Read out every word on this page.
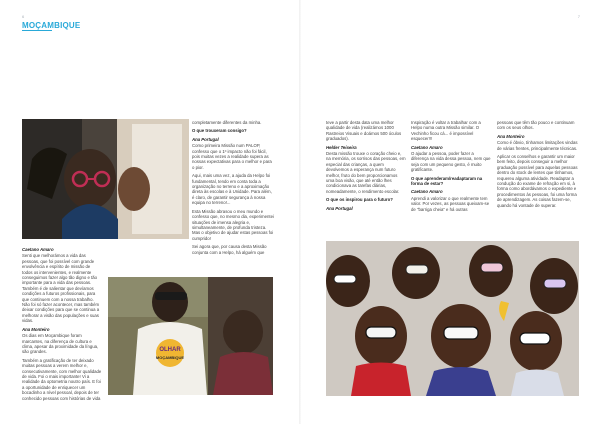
6	7
MOÇAMBIQUE
OLHAR
MOÇAMBIQUE

Caetano Amaro

Senti que melhorámos a vida das pessoas, que foi possível com grande envolvência e espírito de missão de todos os intervenientes, e realmente conseguimos fazer algo tão digno e tão importante para a vida das pessoas. Também é de salientar que devíamos condições a futuros profissionais, para que continuem com a nossa trabalho. Não foi só fazer acontecer, mas também deixar condições para que se continua a melhorar a visão das populações e suas vidas.

Ana Monteiro

Os dias em Moçambique foram marcantes, na diferença de cultura e clima, apesar da proximidade da língua, são grandes.

Também a gratificação de ter deixado muitas pessoas a verem melhor e, consecutivamente, com melhor qualidade de vida. Foi o mais importante! Vi a realidade da optometria noutro país. E foi a oportunidade de enriquecer um bocadinho a nível pessoal, depois de ter conhecido pessoas com histórias de vida

completamente diferentes da minha.

O que trouxeram consigo?

Ana Portugal

Como primeira Missão num PALOP, confesso que o 1º impacto não foi fácil, pois muitas vezes a realidade supera as nossas expectativas para o melhor e para o pior.

Aqui, mais uma vez, a ajuda da Helpo foi fundamental, tendo em conta toda a organização no terreno e a aproximação direta às escolas e à Unidade. Para além, é claro, de garantir segurança à nossa equipa no terreno!...

Esta Missão abrasou o meu mundo e confesso que, no mesmo dia, experimentei situações de imensa alegria e, simultaneamente, de profunda tristeza. Mas o objetivo de ajudar estas pessoas foi cumprido!

Sei agora que, por causa desta Missão conjunta com a Helpo, há alguém que

teve a partir desta data uma melhor qualidade de vida (realizámos 1000 Rastreios Visuais e doámos 500 óculos graduados).

Helder Teixeira

Desta missão trouxe o coração cheio e, na memória, os sorrisos das pessoas, em especial das crianças, a quem devolvemos a esperança num futuro melhor, fruto do bem proporcionamos uma boa visão, que até então lhes condicionava as tarefas diárias, nomeadamente, o rendimento escolar.

O que os inspirou para o futuro?

Ana Portugal

Inspiração é voltar a trabalhar com a Helpo numa outra Missão similar. O Vechinho ficou cá... é impossível esquecer!!!

Caetano Amaro

O ajudar a pessoa, poder fazer a diferença na vida dessa pessoa, nem que seja com um pequeno gesto, é muito gratificante.

O que aprenderam/readaptaram na forma de estar?

Caetano Amaro

Aprendi a valorizar o que realmente tem valor. Por vezes, as pessoas queixam-se de "barriga cheia" e há outras

pessoas que têm tão pouco e continuam com os seus olhos.

Ana Monteiro

Como é óbvio, tínhamos limitações vindas de várias frentes, principalmente técnicas.

Aplicar os conselhos e garantir um maior bem feito, depois conseguir a melhor graduação possível para aquelas pessoas dentro do stock de lentes que tínhamos, requereu alguma atividade. Readaptar a condução do exame de refração em si, à forma como abordávamos o expediente e procedimentos às pessoas, foi uma forma de aprendizagem. As coisas fazem-se, quando há vontade de superar.
